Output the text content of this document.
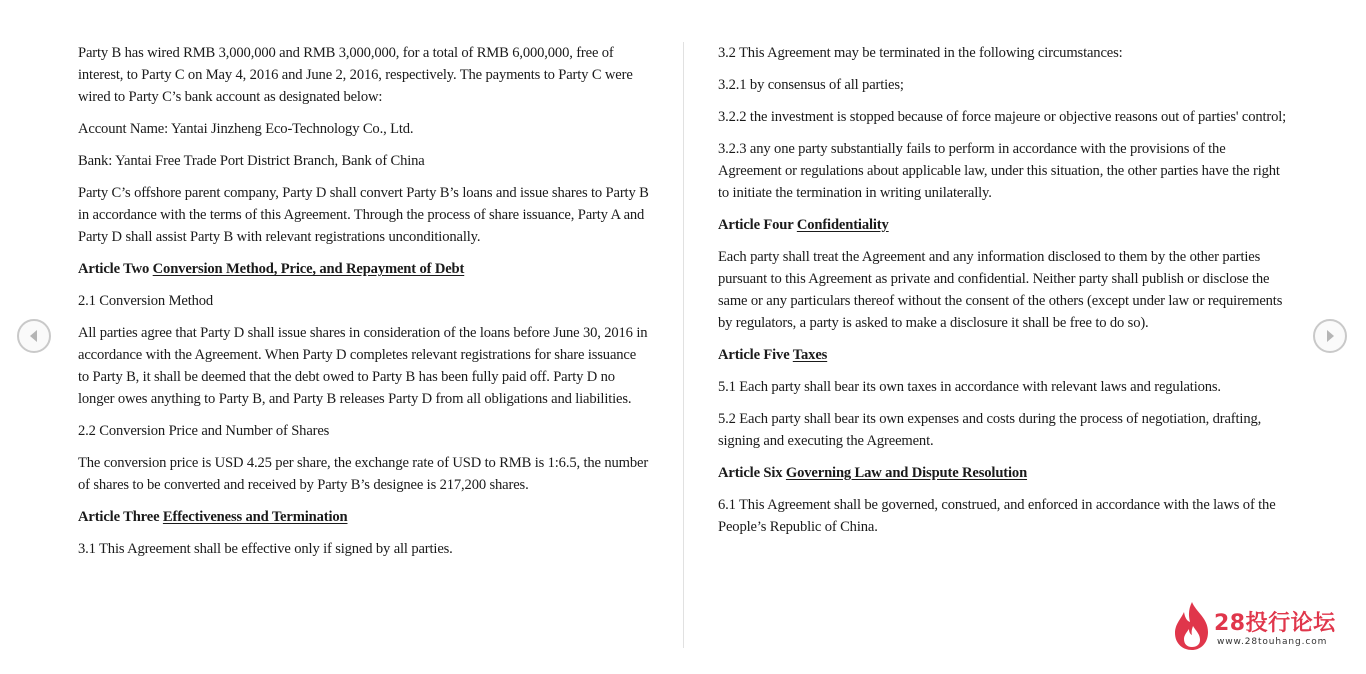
Party B has wired RMB 3,000,000 and RMB 3,000,000, for a total of RMB 6,000,000, free of interest, to Party C on May 4, 2016 and June 2, 2016, respectively. The payments to Party C were wired to Party C’s bank account as designated below:

Account Name: Yantai Jinzheng Eco-Technology Co., Ltd.

Bank: Yantai Free Trade Port District Branch, Bank of China

Party C’s offshore parent company, Party D shall convert Party B’s loans and issue shares to Party B in accordance with the terms of this Agreement. Through the process of share issuance, Party A and Party D shall assist Party B with relevant registrations unconditionally.

Article Two Conversion Method, Price, and Repayment of Debt

2.1 Conversion Method

All parties agree that Party D shall issue shares in consideration of the loans before June 30, 2016 in accordance with the Agreement. When Party D completes relevant registrations for share issuance to Party B, it shall be deemed that the debt owed to Party B has been fully paid off. Party D no longer owes anything to Party B, and Party B releases Party D from all obligations and liabilities.

2.2 Conversion Price and Number of Shares

The conversion price is USD 4.25 per share, the exchange rate of USD to RMB is 1:6.5, the number of shares to be converted and received by Party B’s designee is 217,200 shares.

Article Three Effectiveness and Termination

3.1 This Agreement shall be effective only if signed by all parties.

3.2 This Agreement may be terminated in the following circumstances:

3.2.1 by consensus of all parties;

3.2.2 the investment is stopped because of force majeure or objective reasons out of parties' control;

3.2.3 any one party substantially fails to perform in accordance with the provisions of the Agreement or regulations about applicable law, under this situation, the other parties have the right to initiate the termination in writing unilaterally.

Article Four Confidentiality

Each party shall treat the Agreement and any information disclosed to them by the other parties pursuant to this Agreement as private and confidential. Neither party shall publish or disclose the same or any particulars thereof without the consent of the others (except under law or requirements by regulators, a party is asked to make a disclosure it shall be free to do so).

Article Five Taxes

5.1 Each party shall bear its own taxes in accordance with relevant laws and regulations.

5.2 Each party shall bear its own expenses and costs during the process of negotiation, drafting, signing and executing the Agreement.

Article Six Governing Law and Dispute Resolution

6.1 This Agreement shall be governed, construed, and enforced in accordance with the laws of the People’s Republic of China.

28投行论坛
www.28touhang.com
